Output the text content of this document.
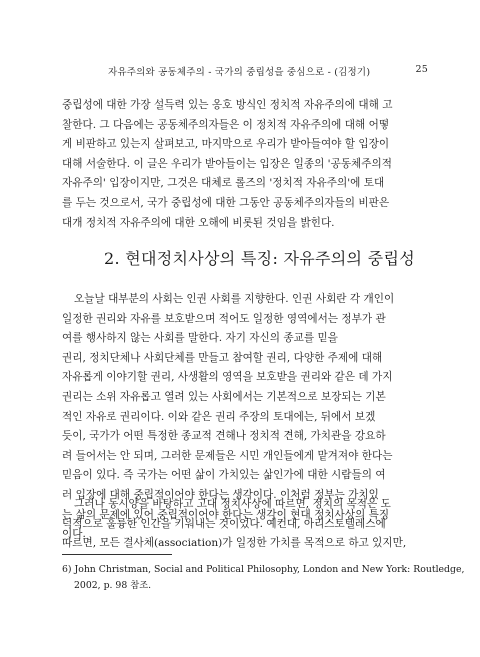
자유주의와 공동체주의 - 국가의 중립성을 중심으로 - (김정기)	25
중립성에 대한 가장 설득력 있는 옹호 방식인 정치적 자유주의에 대해 고
찰한다. 그 다음에는 공동체주의자들은 이 정치적 자유주의에 대해 어떻
게 비판하고 있는지 살펴보고, 마지막으로 우리가 받아들여야 할 입장이
대해 서술한다. 이 글은 우리가 받아들이는 입장은 일종의 '공동체주의적
자유주의' 입장이지만, 그것은 대체로 롤즈의 '정치적 자유주의'에 토대
를 두는 것으로서, 국가 중립성에 대한 그동안 공동체주의자들의 비판은
대개 정치적 자유주의에 대한 오해에 비롯된 것임을 밝힌다.
2. 현대정치사상의 특징: 자유주의의 중립성
오늘날 대부분의 사회는 인권 사회를 지향한다. 인권 사회란 각 개인이
일정한 권리와 자유를 보호받으며 적어도 일정한 영역에서는 정부가 관
여를 행사하지 않는 사회를 말한다. 자기 자신의 종교를 믿을
권리, 정치단체나 사회단체를 만들고 참여할 권리, 다양한 주제에 대해
자유롭게 이야기할 권리, 사생활의 영역을 보호받을 권리와 같은 데 가지
권리는 소위 자유롭고 열려 있는 사회에서는 기본적으로 보장되는 기본
적인 자유로 권리이다. 이와 같은 권리 주장의 토대에는, 뒤에서 보겠
듯이, 국가가 어떤 특정한 종교적 견해나 정치적 견해, 가치관을 강요하
려 들어서는 안 되며, 그러한 문제들은 시민 개인들에게 맡겨져야 한다는
믿음이 있다. 즉 국가는 어떤 삶이 가치있는 삶인가에 대한 시람들의 여
러 입장에 대해 중립적이어야 한다는 생각이다. 이처럼 정부는 가치있
는 삶의 문제에 있어 중립적이어야 한다는 생각이 현대 정치사상의 특징
이다.
그러나 동시양을 바탕하고 고대 정치사상에 따르면, 정치의 목적은 도
덕적으로 훌륭한 인간을 키워내는 것이었다. 예컨대, 아리스토텔레스에
따르면, 모든 결사체(association)가 일정한 가치를 목적으로 하고 있지만,
6) John Christman, Social and Political Philosophy, London and New York: Routledge,
2002, p. 98 참조.
